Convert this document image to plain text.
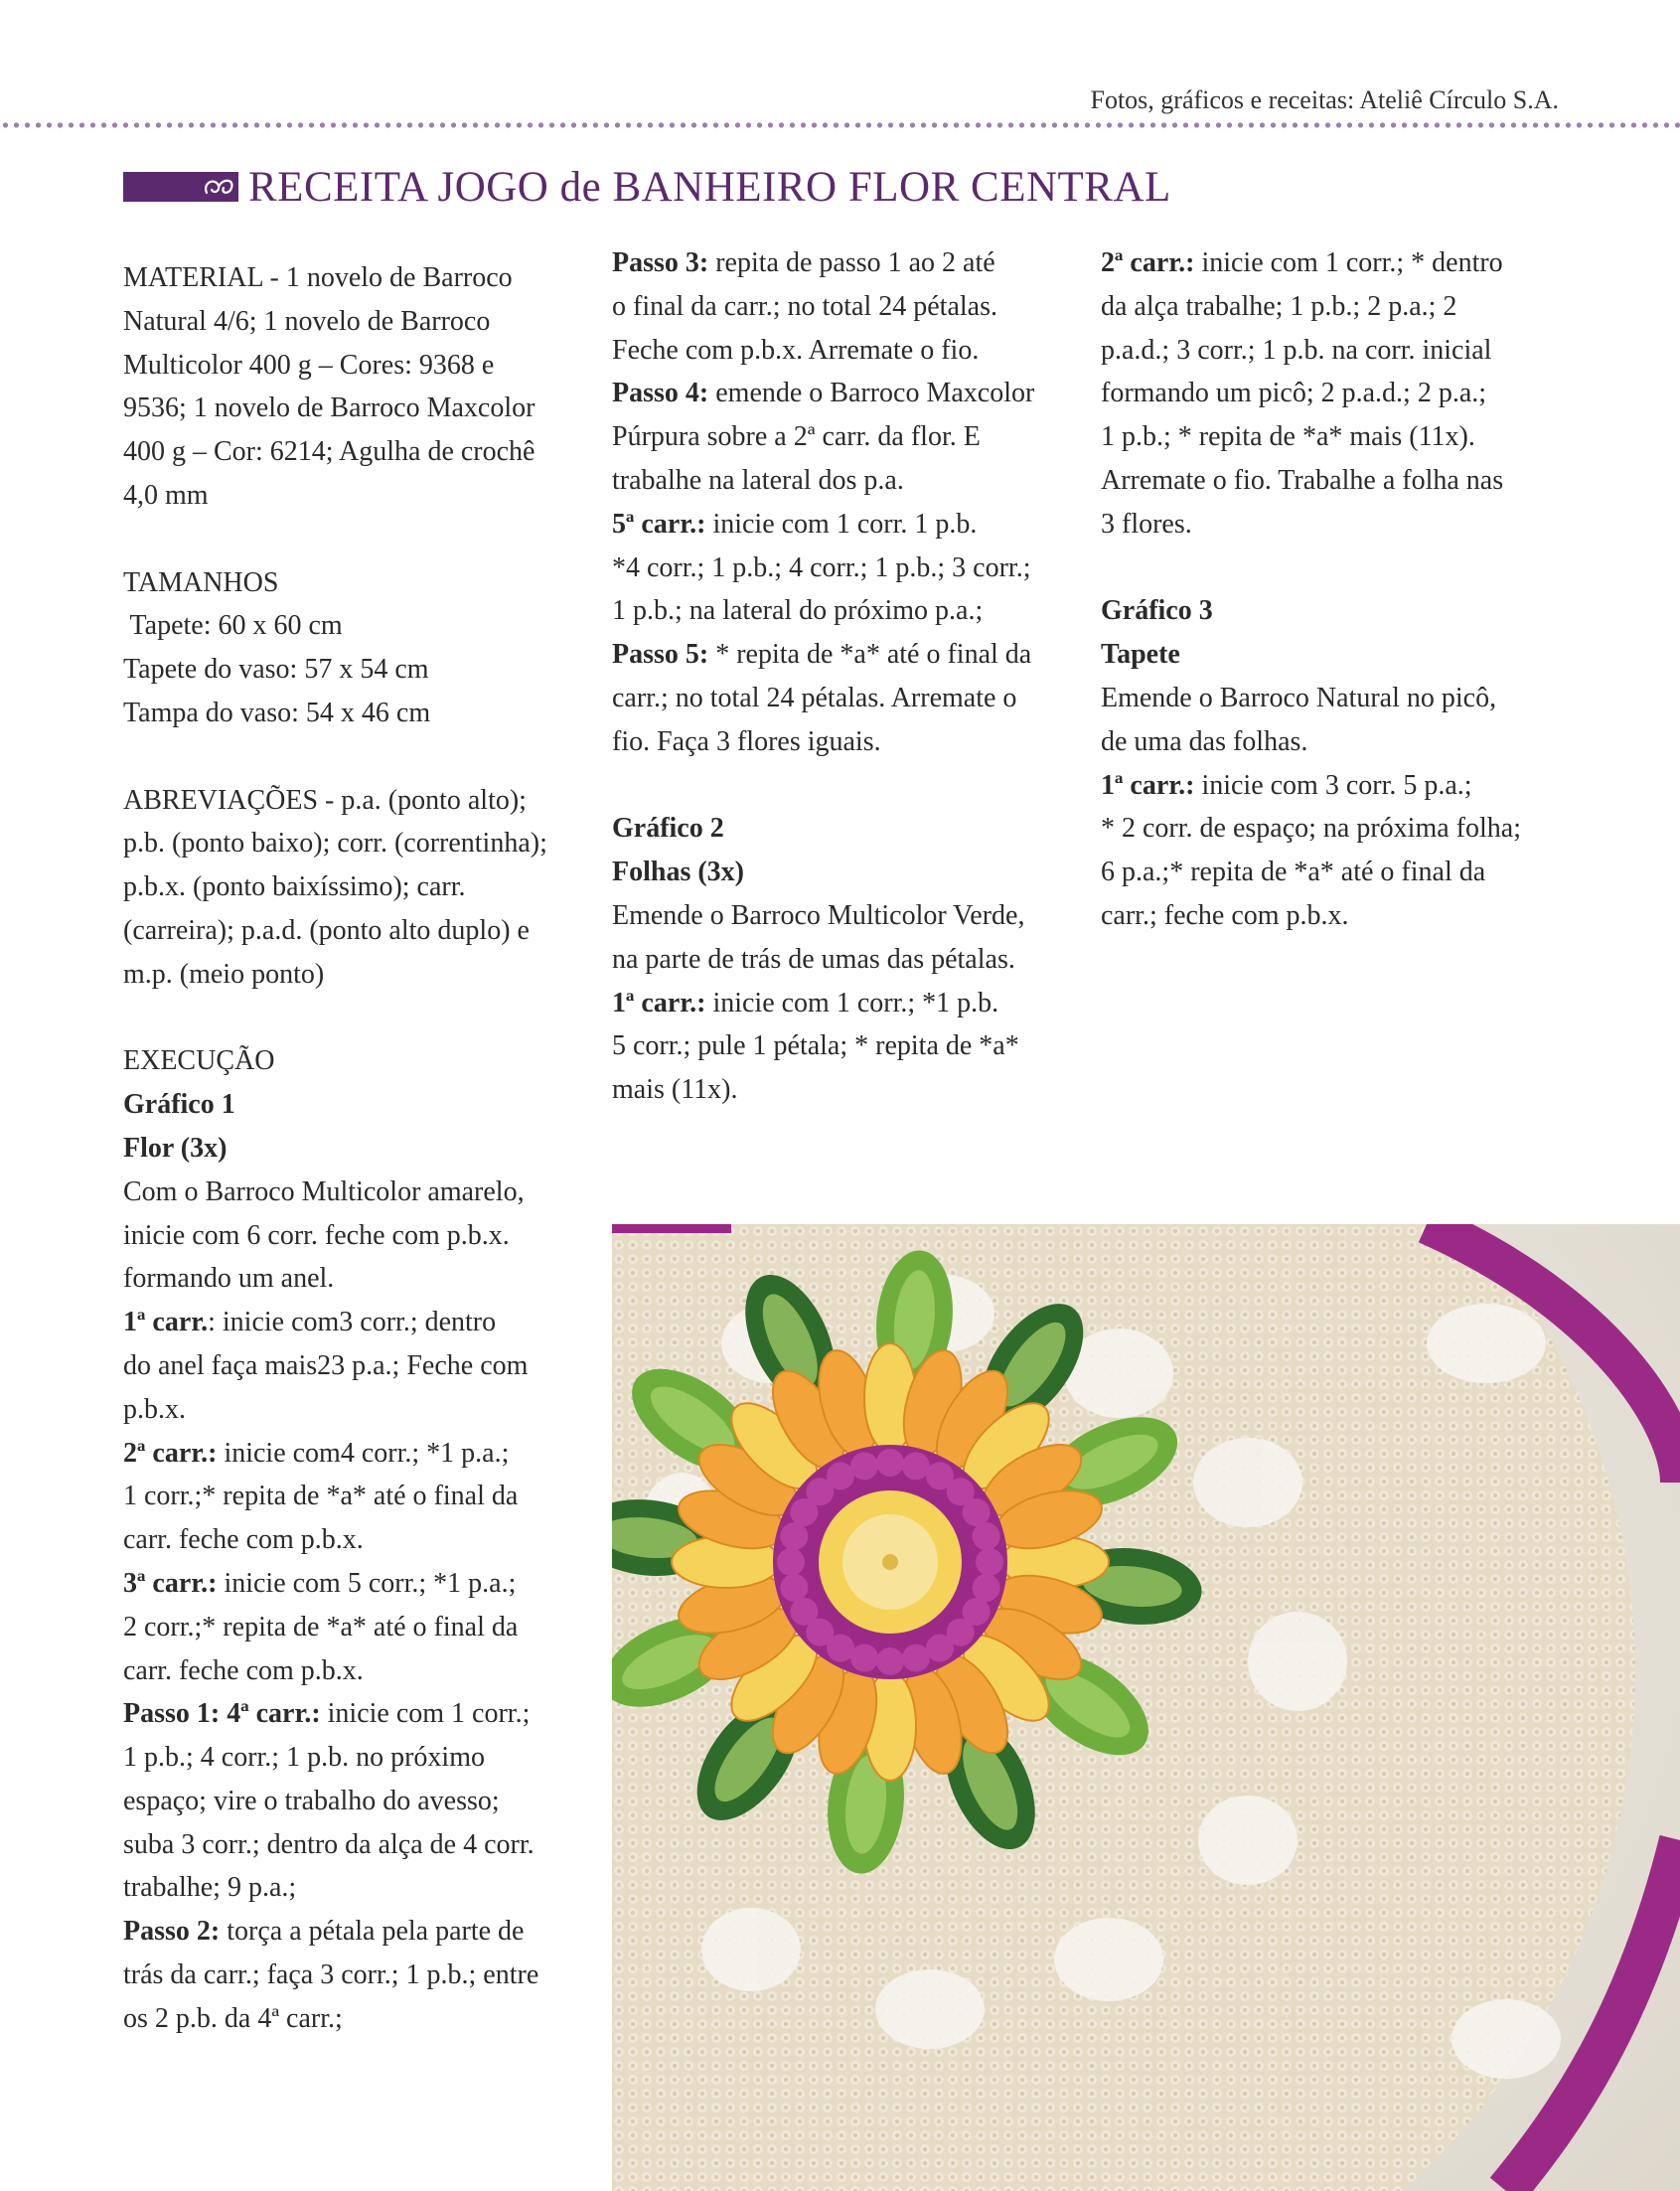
Fotos, gráficos e receitas: Ateliê Círculo S.A.
RECEITA JOGO de BANHEIRO FLOR CENTRAL

MATERIAL - 1 novelo de Barroco

Natural 4/6; 1 novelo de Barroco

Multicolor 400 g – Cores: 9368 e

9536; 1 novelo de Barroco Maxcolor

400 g – Cor: 6214; Agulha de crochê

4,0 mm

TAMANHOS

Tapete: 60 x 60 cm

Tapete do vaso: 57 x 54 cm

Tampa do vaso: 54 x 46 cm

ABREVIAÇÕES - p.a. (ponto alto);

p.b. (ponto baixo); corr. (correntinha);

p.b.x. (ponto baixíssimo); carr.

(carreira); p.a.d. (ponto alto duplo) e

m.p. (meio ponto)

EXECUÇÃO

Gráfico 1

Flor (3x)

Com o Barroco Multicolor amarelo,

inicie com 6 corr. feche com p.b.x.

formando um anel.

1ª carr.: inicie com3 corr.; dentro

do anel faça mais23 p.a.; Feche com

p.b.x.

2ª carr.: inicie com4 corr.; *1 p.a.;

1 corr.;* repita de *a* até o final da

carr. feche com p.b.x.

3ª carr.: inicie com 5 corr.; *1 p.a.;

2 corr.;* repita de *a* até o final da

carr. feche com p.b.x.

Passo 1: 4ª carr.: inicie com 1 corr.;

1 p.b.; 4 corr.; 1 p.b. no próximo

espaço; vire o trabalho do avesso;

suba 3 corr.; dentro da alça de 4 corr.

trabalhe; 9 p.a.;

Passo 2: torça a pétala pela parte de

trás da carr.; faça 3 corr.; 1 p.b.; entre

os 2 p.b. da 4ª carr.;

Passo 3: repita de passo 1 ao 2 até

o final da carr.; no total 24 pétalas.

Feche com p.b.x. Arremate o fio.

Passo 4: emende o Barroco Maxcolor

Púrpura sobre a 2ª carr. da flor. E

trabalhe na lateral dos p.a.

5ª carr.: inicie com 1 corr. 1 p.b.

*4 corr.; 1 p.b.; 4 corr.; 1 p.b.; 3 corr.;

1 p.b.; na lateral do próximo p.a.;

Passo 5: * repita de *a* até o final da

carr.; no total 24 pétalas. Arremate o

fio. Faça 3 flores iguais.

Gráfico 2

Folhas (3x)

Emende o Barroco Multicolor Verde,

na parte de trás de umas das pétalas.

1ª carr.: inicie com 1 corr.; *1 p.b.

5 corr.; pule 1 pétala; * repita de *a*

mais (11x).

2ª carr.: inicie com 1 corr.; * dentro

da alça trabalhe; 1 p.b.; 2 p.a.; 2

p.a.d.; 3 corr.; 1 p.b. na corr. inicial

formando um picô; 2 p.a.d.; 2 p.a.;

1 p.b.; * repita de *a* mais (11x).

Arremate o fio. Trabalhe a folha nas

3 flores.

Gráfico 3

Tapete

Emende o Barroco Natural no picô,

de uma das folhas.

1ª carr.: inicie com 3 corr. 5 p.a.;

* 2 corr. de espaço; na próxima folha;

6 p.a.;* repita de *a* até o final da

carr.; feche com p.b.x.
